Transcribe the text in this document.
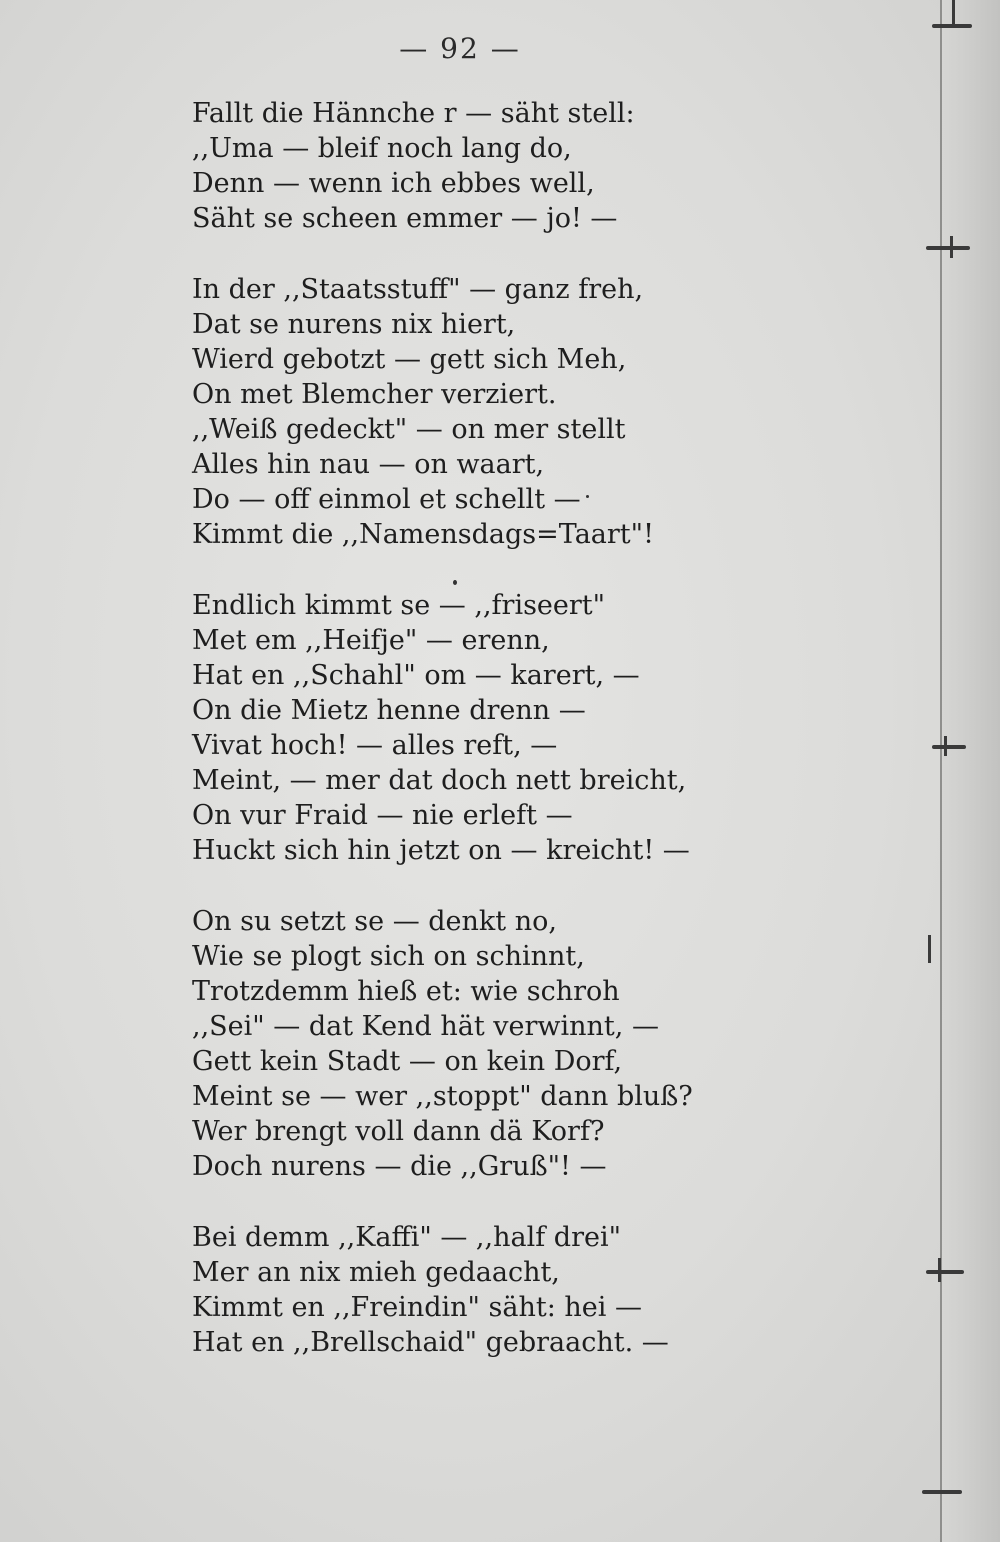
— 92 —
Fallt die Hännche r — säht stell:
,,Uma — bleif noch lang do,
Denn — wenn ich ebbes well,
Säht se scheen emmer — jo! —
In der ,,Staatsstuff" — ganz freh,
Dat se nurens nix hiert,
Wierd gebotzt — gett sich Meh,
On met Blemcher verziert.
,,Weiß gedeckt" — on mer stellt
Alles hin nau — on waart,
Do — off einmol et schellt —
Kimmt die ,,Namensdags=Taart"!
Endlich kimmt se — ,,friseert"
Met em ,,Heifje" — erenn,
Hat en ,,Schahl" om — karert, —
On die Mietz henne drenn —
Vivat hoch! — alles reft, —
Meint, — mer dat doch nett breicht,
On vur Fraid — nie erleft —
Huckt sich hin jetzt on — kreicht! —
On su setzt se — denkt no,
Wie se plogt sich on schinnt,
Trotzdemm hieß et: wie schroh
,,Sei" — dat Kend hät verwinnt, —
Gett kein Stadt — on kein Dorf,
Meint se — wer ,,stoppt" dann bluß?
Wer brengt voll dann dä Korf?
Doch nurens — die ,,Gruß"! —
Bei demm ,,Kaffi" — ,,half drei"
Mer an nix mieh gedaacht,
Kimmt en ,,Freindin" säht: hei —
Hat en ,,Brellschaid" gebraacht. —
